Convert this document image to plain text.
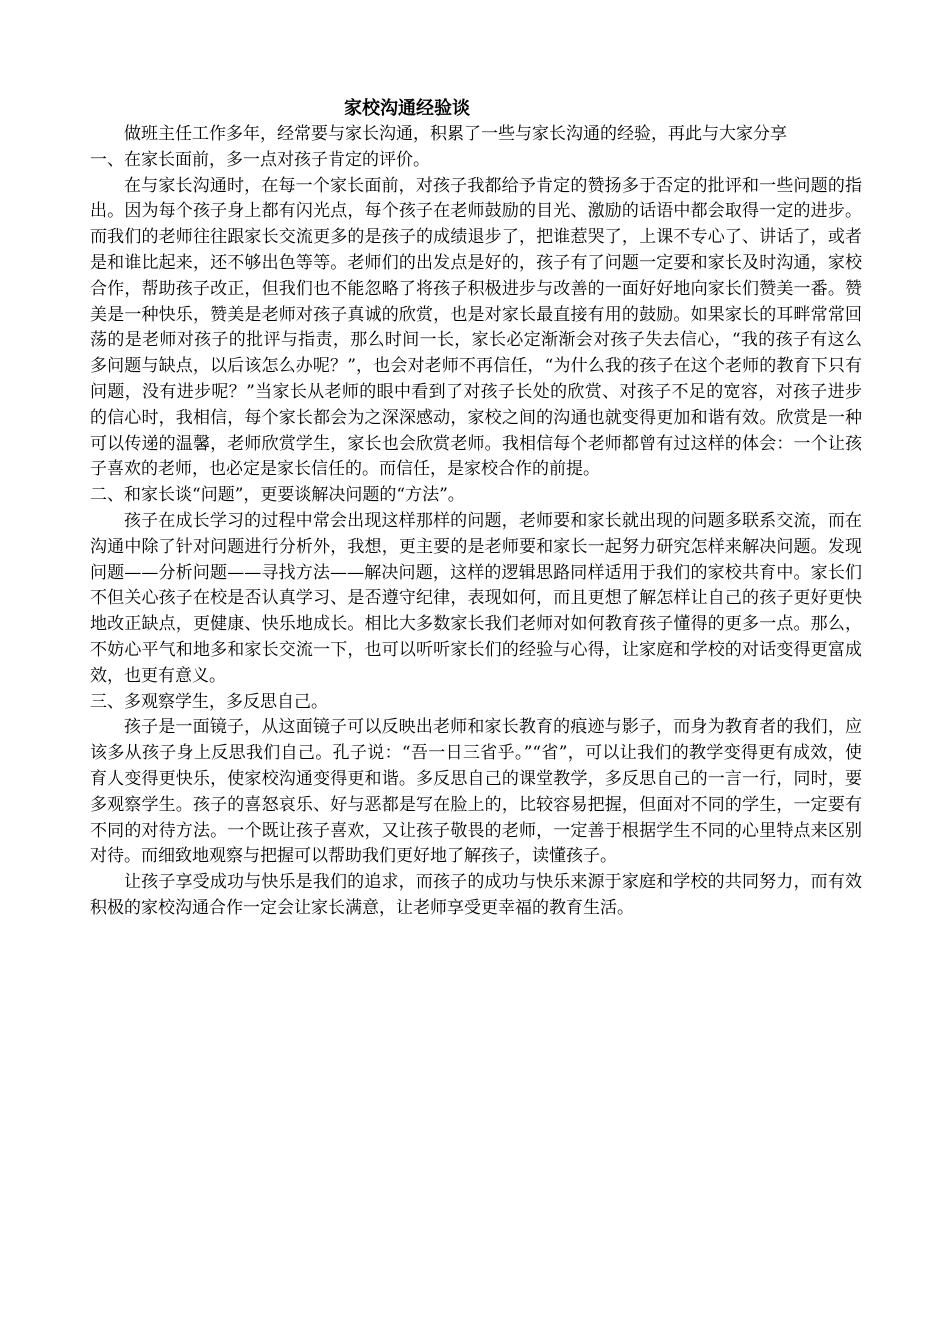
家校沟通经验谈

做班主任工作多年，经常要与家长沟通，积累了一些与家长沟通的经验，再此与大家分享

一、在家长面前，多一点对孩子肯定的评价。

在与家长沟通时，在每一个家长面前，对孩子我都给予肯定的赞扬多于否定的批评和一些问题的指出。因为每个孩子身上都有闪光点，每个孩子在老师鼓励的目光、激励的话语中都会取得一定的进步。而我们的老师往往跟家长交流更多的是孩子的成绩退步了，把谁惹哭了，上课不专心了、讲话了，或者是和谁比起来，还不够出色等等。老师们的出发点是好的，孩子有了问题一定要和家长及时沟通，家校合作，帮助孩子改正，但我们也不能忽略了将孩子积极进步与改善的一面好好地向家长们赞美一番。赞美是一种快乐，赞美是老师对孩子真诚的欣赏，也是对家长最直接有用的鼓励。如果家长的耳畔常常回荡的是老师对孩子的批评与指责，那么时间一长，家长必定渐渐会对孩子失去信心，“我的孩子有这么多问题与缺点，以后该怎么办呢？”，也会对老师不再信任，“为什么我的孩子在这个老师的教育下只有问题，没有进步呢？”当家长从老师的眼中看到了对孩子长处的欣赏、对孩子不足的宽容，对孩子进步的信心时，我相信，每个家长都会为之深深感动，家校之间的沟通也就变得更加和谐有效。欣赏是一种可以传递的温馨，老师欣赏学生，家长也会欣赏老师。我相信每个老师都曾有过这样的体会：一个让孩子喜欢的老师，也必定是家长信任的。而信任，是家校合作的前提。

二、和家长谈“问题”，更要谈解决问题的“方法”。

孩子在成长学习的过程中常会出现这样那样的问题，老师要和家长就出现的问题多联系交流，而在沟通中除了针对问题进行分析外，我想，更主要的是老师要和家长一起努力研究怎样来解决问题。发现问题——分析问题——寻找方法——解决问题，这样的逻辑思路同样适用于我们的家校共育中。家长们不但关心孩子在校是否认真学习、是否遵守纪律，表现如何，而且更想了解怎样让自己的孩子更好更快地改正缺点，更健康、快乐地成长。相比大多数家长我们老师对如何教育孩子懂得的更多一点。那么，不妨心平气和地多和家长交流一下，也可以听听家长们的经验与心得，让家庭和学校的对话变得更富成效，也更有意义。

三、多观察学生，多反思自己。

孩子是一面镜子，从这面镜子可以反映出老师和家长教育的痕迹与影子，而身为教育者的我们，应该多从孩子身上反思我们自己。孔子说：“吾一日三省乎。”“省”，可以让我们的教学变得更有成效，使育人变得更快乐，使家校沟通变得更和谐。多反思自己的课堂教学，多反思自己的一言一行，同时，要多观察学生。孩子的喜怒哀乐、好与恶都是写在脸上的，比较容易把握，但面对不同的学生，一定要有不同的对待方法。一个既让孩子喜欢，又让孩子敬畏的老师，一定善于根据学生不同的心里特点来区别对待。而细致地观察与把握可以帮助我们更好地了解孩子，读懂孩子。

让孩子享受成功与快乐是我们的追求，而孩子的成功与快乐来源于家庭和学校的共同努力，而有效积极的家校沟通合作一定会让家长满意，让老师享受更幸福的教育生活。
